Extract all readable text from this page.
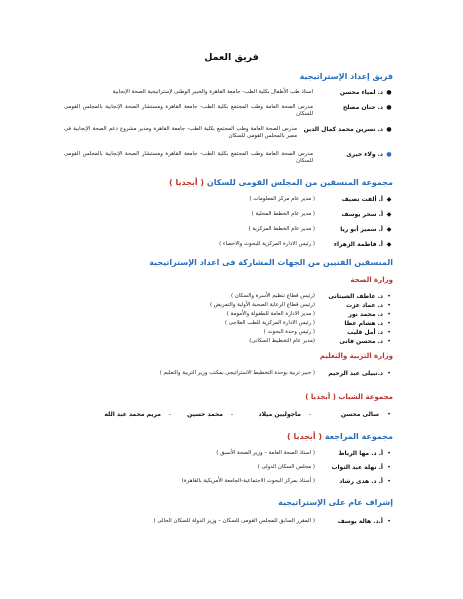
فريق العمل
فريق إعداد الإستراتيجية
●
د. لمياء محسن
استاذ طب الأطفال بكلية الطب- جامعة القاهرة والخبير الوطنى لإستراتيجية الصحة الإنجابية
●
د. حنان مصلح
مدرس الصحة العامة وطب المجتمع بكلية الطب- جامعة القاهرة ومستشار الصحة الإنجابية بالمجلس القومى للسكان
●
د. نسرين محمد كمال الدين
مدرس الصحة العامة وطب المجتمع بكلية الطب- جامعة القاهرة ومدير مشروع دعم الصحة الإنجابية فى مصر بالمجلس القومى للسكان
●
د. ولاء خيرى
مدرس الصحة العامة وطب المجتمع بكلية الطب- جامعة القاهرة ومستشار الصحة الإنجابية بالمجلس القومى للسكان
مجموعة المنسقين من المجلس القومى للسكان ( أبجديا )
◆
أ. ألفت نصيف
( مدير عام مركز المعلومات )
◆
أ. سحر يوسف
( مدير عام الخطط المحلية )
◆
أ. سمير أبو ريا
( مدير عام الخطط المركزية )
◆
أ. فاطمة الزهراء
( رئيس الادارة المركزية للبحوث والاحصاء )
المنسقين الفنيين من الجهات المشاركة فى اعداد الإستراتيجية
وزارة الصحة
•
د. عاطف الشيتانى
(رئيس قطاع تنظيم الأسرة والسكان )
•
د. عماد عزت
(رئيس قطاع الرعاية الصحية الأولية والتمريض )
•
د. محمد نور
( مدير الادارة العامة للطفولة والأمومة )
•
د. هشام عطا
( رئيس الادارة المركزية للطب العلاجى )
•
د. أمل قليب
( رئيس وحدة البحوث )
•
د. محسن فانى
(مدير عام التخطيط السكانى)
وزارة التربية والتعليم
•
د.نبيلى عبد الرحيم
( خبير تربية بوحدة التخطيط الاستراتيجى بمكتب وزير التربية والتعليم )
مجموعة الشباب ( أبجديا )
•
سالى محسن
-
ماجوليين ميلاد
-
محمد حسين
-
مريم محمد عبد الله
مجموعة المراجعة ( أبجديا )
•
أ. د. مها الرباط
( استاذ الصحة العامة – وزير الصحة الأسبق )
•
أ. نهلة عبد التواب
( مجلس السكان الدولى )
•
أ. د. هدى رشاد
( أستاذ بمركز البحوث الاجتماعية-الجامعة الأمريكية بالقاهرة)
إشراف عام على الإستراتيجية
•
أ.د. هالة يوسف
( المقرر السابق للمجلس القومى للسكان – وزير الدولة للسكان الحالى )
